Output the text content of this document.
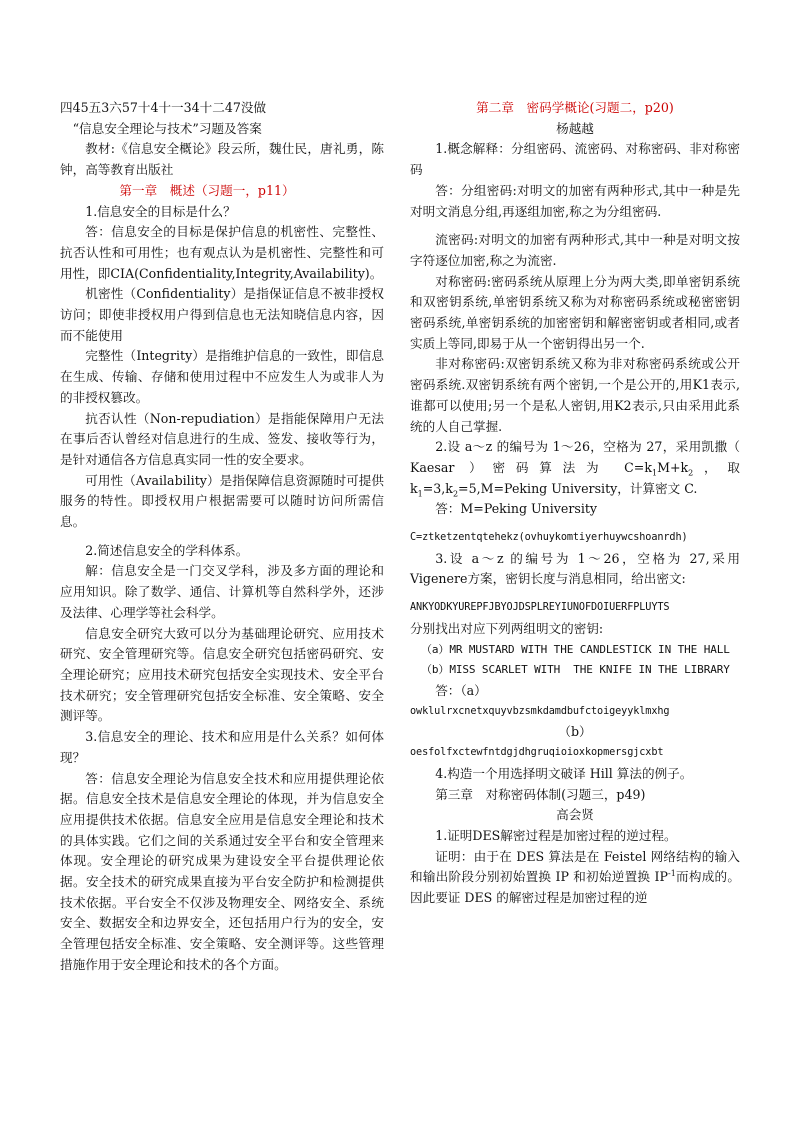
四45五3六57十4十一34十二47没做

“信息安全理论与技术”习题及答案

教材:《信息安全概论》段云所，魏仕民，唐礼勇，陈钟，高等教育出版社

第一章　概述（习题一，p11）

1.信息安全的目标是什么？

答：信息安全的目标是保护信息的机密性、完整性、抗否认性和可用性；也有观点认为是机密性、完整性和可用性，即CIA(Confidentiality,Integrity,Availability)。

机密性（Confidentiality）是指保证信息不被非授权访问；即使非授权用户得到信息也无法知晓信息内容，因而不能使用

完整性（Integrity）是指维护信息的一致性，即信息在生成、传输、存储和使用过程中不应发生人为或非人为的非授权篡改。

抗否认性（Non-repudiation）是指能保障用户无法在事后否认曾经对信息进行的生成、签发、接收等行为，是针对通信各方信息真实同一性的安全要求。

可用性（Availability）是指保障信息资源随时可提供服务的特性。即授权用户根据需要可以随时访问所需信息。

2.简述信息安全的学科体系。

解：信息安全是一门交叉学科，涉及多方面的理论和应用知识。除了数学、通信、计算机等自然科学外，还涉及法律、心理学等社会科学。

信息安全研究大致可以分为基础理论研究、应用技术研究、安全管理研究等。信息安全研究包括密码研究、安全理论研究；应用技术研究包括安全实现技术、安全平台技术研究；安全管理研究包括安全标准、安全策略、安全测评等。

3.信息安全的理论、技术和应用是什么关系？如何体现？

答：信息安全理论为信息安全技术和应用提供理论依据。信息安全技术是信息安全理论的体现，并为信息安全应用提供技术依据。信息安全应用是信息安全理论和技术的具体实践。它们之间的关系通过安全平台和安全管理来体现。安全理论的研究成果为建设安全平台提供理论依据。安全技术的研究成果直接为平台安全防护和检测提供技术依据。平台安全不仅涉及物理安全、网络安全、系统安全、数据安全和边界安全，还包括用户行为的安全，安全管理包括安全标准、安全策略、安全测评等。这些管理措施作用于安全理论和技术的各个方面。

第二章　密码学概论(习题二，p20)

杨越越

1.概念解释：分组密码、流密码、对称密码、非对称密码

答：分组密码:对明文的加密有两种形式,其中一种是先对明文消息分组,再逐组加密,称之为分组密码.

流密码:对明文的加密有两种形式,其中一种是对明文按字符逐位加密,称之为流密.

对称密码:密码系统从原理上分为两大类,即单密钥系统和双密钥系统,单密钥系统又称为对称密码系统或秘密密钥密码系统,单密钥系统的加密密钥和解密密钥或者相同,或者实质上等同,即易于从一个密钥得出另一个.

非对称密码:双密钥系统又称为非对称密码系统或公开密码系统.双密钥系统有两个密钥,一个是公开的,用K1表示,谁都可以使用;另一个是私人密钥,用K2表示,只由采用此系统的人自己掌握.

2.设 a～z 的编号为 1～26，空格为 27，采用凯撒（ Kaesar ）密码算法为 $C=k_1M+k_2$，取 $k_1=3,k_2=5,M=Peking$ University，计算密文 C.

答：M=Peking University

C=ztketzentqtehekz(ovhuykomtiyerhuywcshoanrdh)

3.设 a～z 的编号为 1～26，空格为 27,采用 Vigenere方案，密钥长度与消息相同，给出密文:

ANKYODKYUREPFJBYOJDSPLREYIUNOFDOIUERFPLUYTS

分别找出对应下列两组明文的密钥:

（a）MR MUSTARD WITH THE CANDLESTICK IN THE HALL

（b）MISS SCARLET WITH  THE KNIFE IN THE LIBRARY

答：（a）

owklulrxcnetxquyvbzsmkdamdbufctoigeyyklmxhg

（b）

oesfolfxctewfntdgjdhgruqioioxkopmersgjcxbt

4.构造一个用选择明文破译 Hill 算法的例子。

第三章　对称密码体制(习题三，p49)

高会贤

1.证明DES解密过程是加密过程的逆过程。

证明：由于在 DES 算法是在 Feistel 网络结构的输入和输出阶段分别初始置换 IP 和初始逆置换 $IP^{-1}$而构成的。因此要证 DES 的解密过程是加密过程的逆
